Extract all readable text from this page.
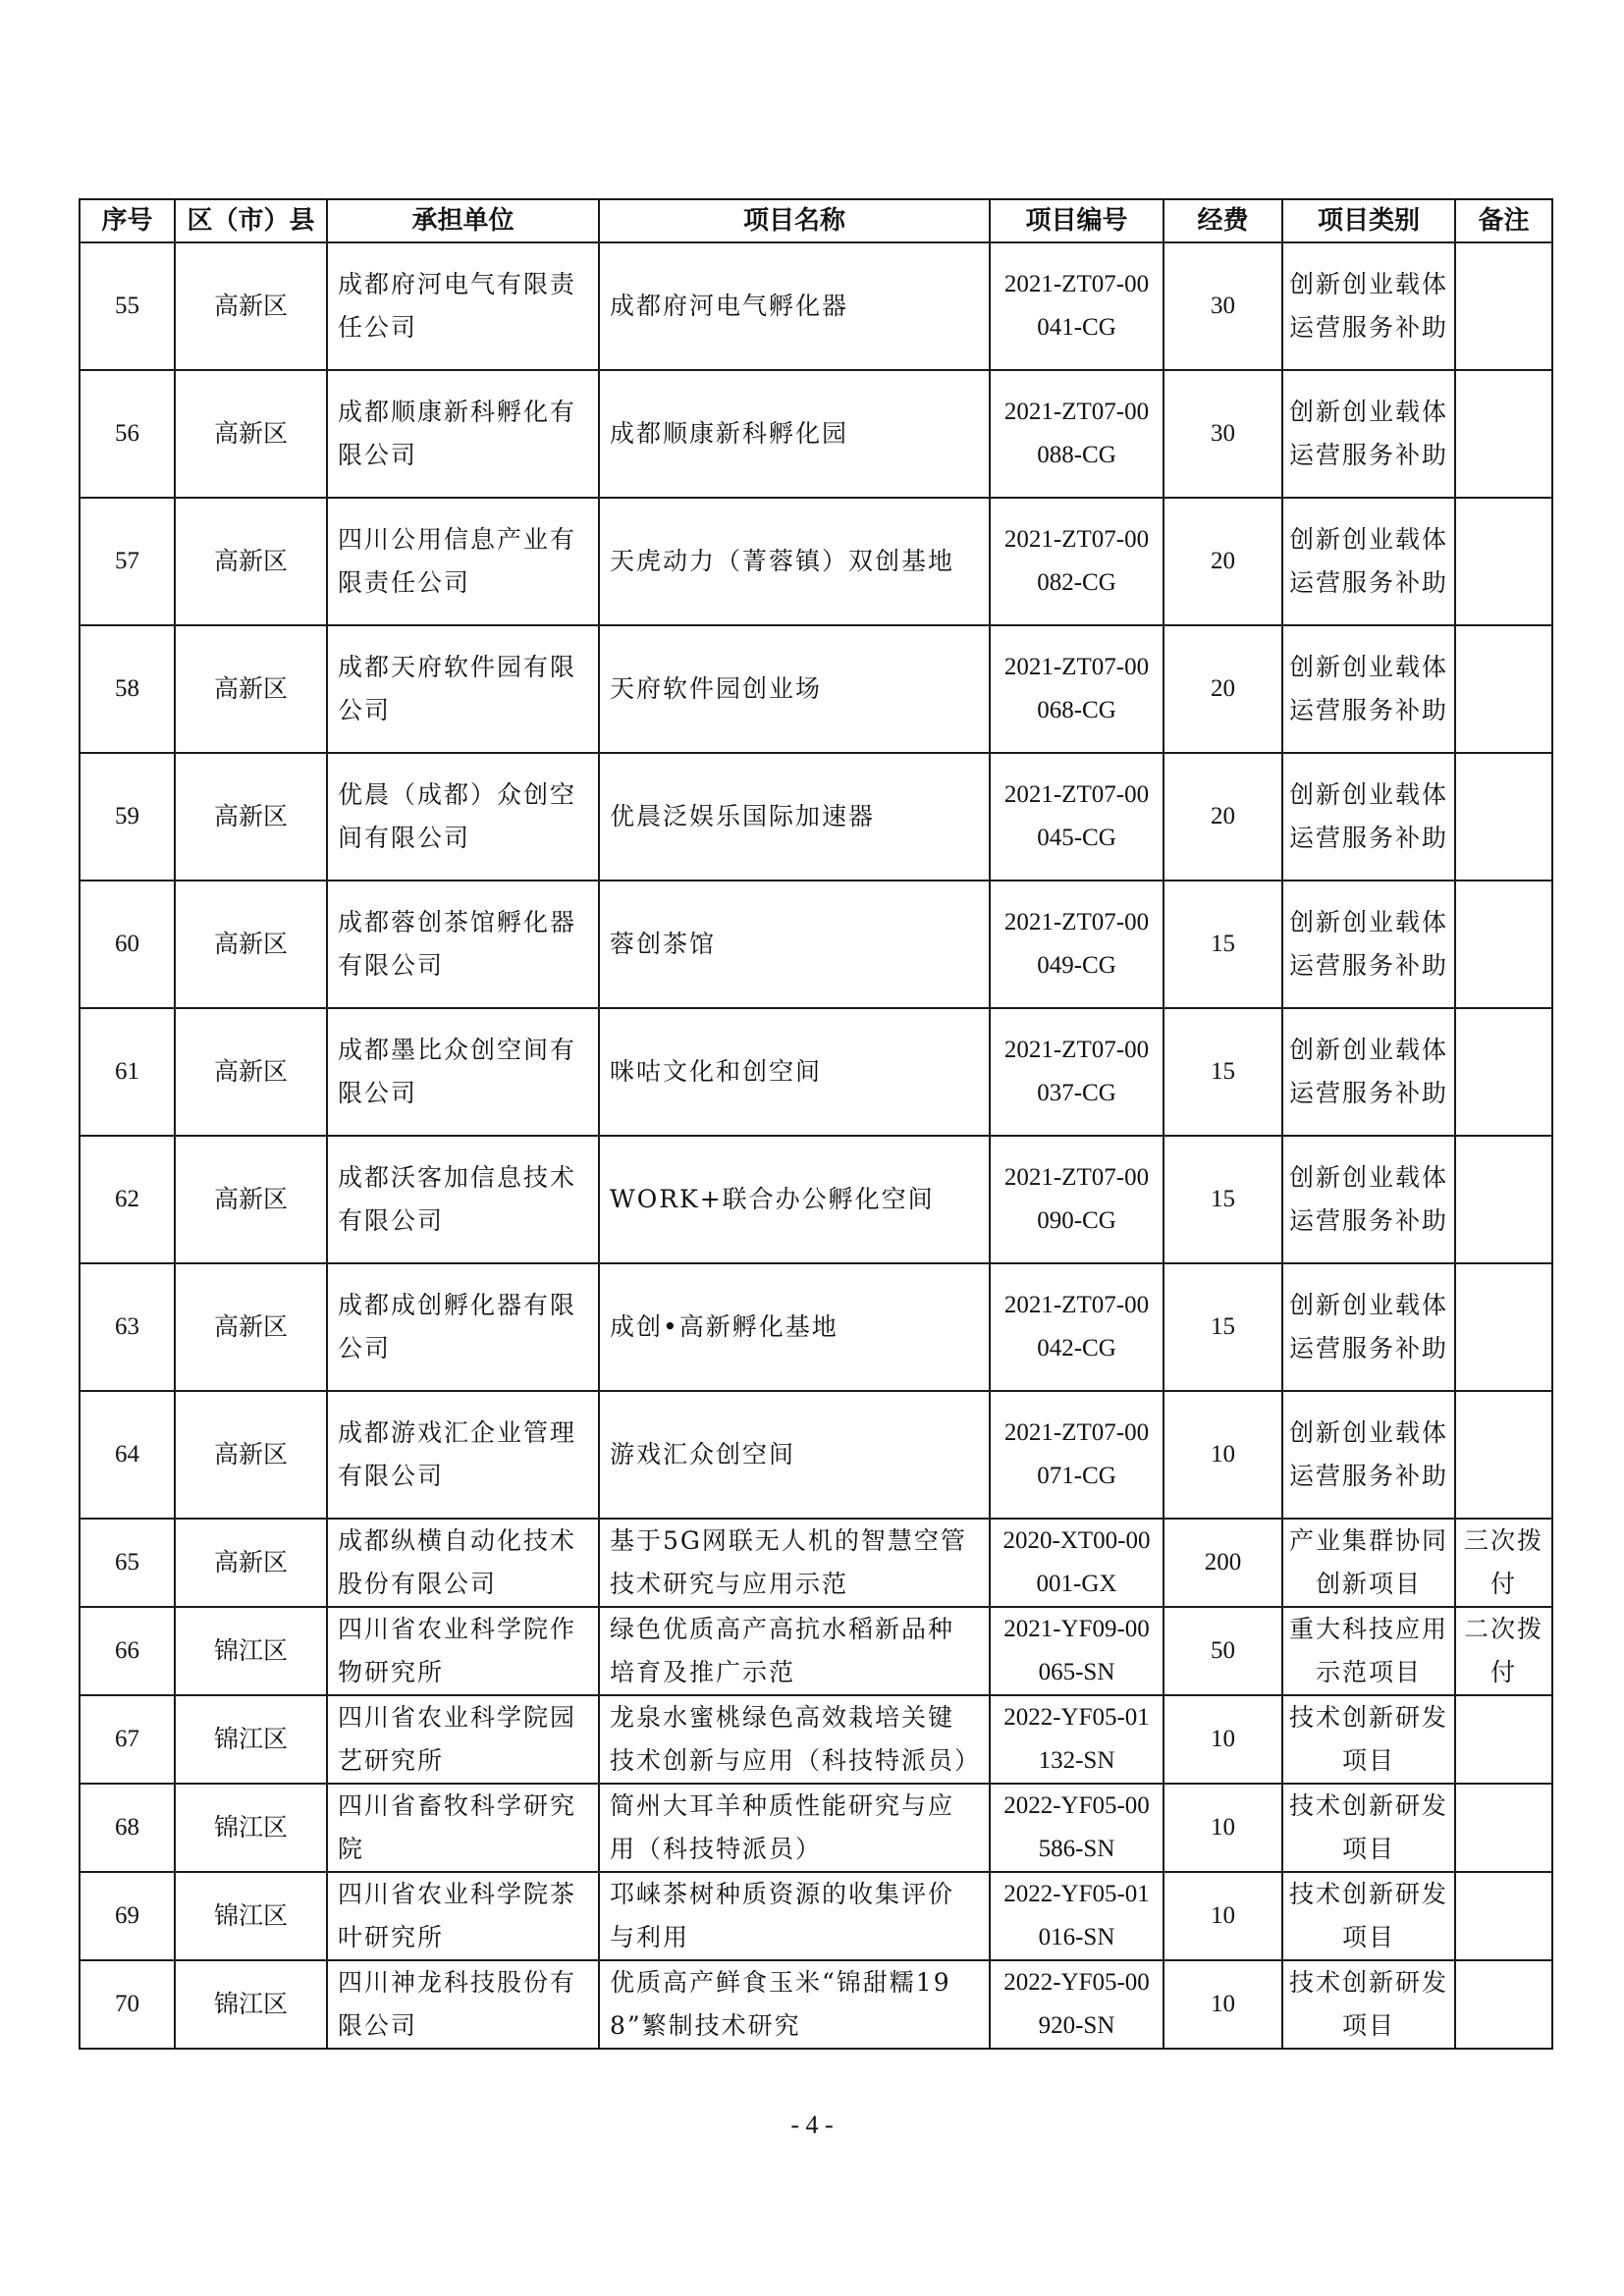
序号	区（市）县	承担单位	项目名称	项目编号	经费	项目类别	备注
55	高新区	成都府河电气有限责任公司	成都府河电气孵化器	2021-ZT07-00041-CG	30	创新创业载体运营服务补助	
56	高新区	成都顺康新科孵化有限公司	成都顺康新科孵化园	2021-ZT07-00088-CG	30	创新创业载体运营服务补助	
57	高新区	四川公用信息产业有限责任公司	天虎动力（菁蓉镇）双创基地	2021-ZT07-00082-CG	20	创新创业载体运营服务补助	
58	高新区	成都天府软件园有限公司	天府软件园创业场	2021-ZT07-00068-CG	20	创新创业载体运营服务补助	
59	高新区	优晨（成都）众创空间有限公司	优晨泛娱乐国际加速器	2021-ZT07-00045-CG	20	创新创业载体运营服务补助	
60	高新区	成都蓉创茶馆孵化器有限公司	蓉创茶馆	2021-ZT07-00049-CG	15	创新创业载体运营服务补助	
61	高新区	成都墨比众创空间有限公司	咪咕文化和创空间	2021-ZT07-00037-CG	15	创新创业载体运营服务补助	
62	高新区	成都沃客加信息技术有限公司	WORK+联合办公孵化空间	2021-ZT07-00090-CG	15	创新创业载体运营服务补助	
63	高新区	成都成创孵化器有限公司	成创•高新孵化基地	2021-ZT07-00042-CG	15	创新创业载体运营服务补助	
64	高新区	成都游戏汇企业管理有限公司	游戏汇众创空间	2021-ZT07-00071-CG	10	创新创业载体运营服务补助	
65	高新区	成都纵横自动化技术股份有限公司	基于5G网联无人机的智慧空管技术研究与应用示范	2020-XT00-00001-GX	200	产业集群协同创新项目	三次拨付
66	锦江区	四川省农业科学院作物研究所	绿色优质高产高抗水稻新品种培育及推广示范	2021-YF09-00065-SN	50	重大科技应用示范项目	二次拨付
67	锦江区	四川省农业科学院园艺研究所	龙泉水蜜桃绿色高效栽培关键技术创新与应用（科技特派员）	2022-YF05-01132-SN	10	技术创新研发项目	
68	锦江区	四川省畜牧科学研究院	简州大耳羊种质性能研究与应用（科技特派员）	2022-YF05-00586-SN	10	技术创新研发项目	
69	锦江区	四川省农业科学院茶叶研究所	邛崃茶树种质资源的收集评价与利用	2022-YF05-01016-SN	10	技术创新研发项目	
70	锦江区	四川神龙科技股份有限公司	优质高产鲜食玉米“锦甜糯198”繁制技术研究	2022-YF05-00920-SN	10	技术创新研发项目	
- 4 -
